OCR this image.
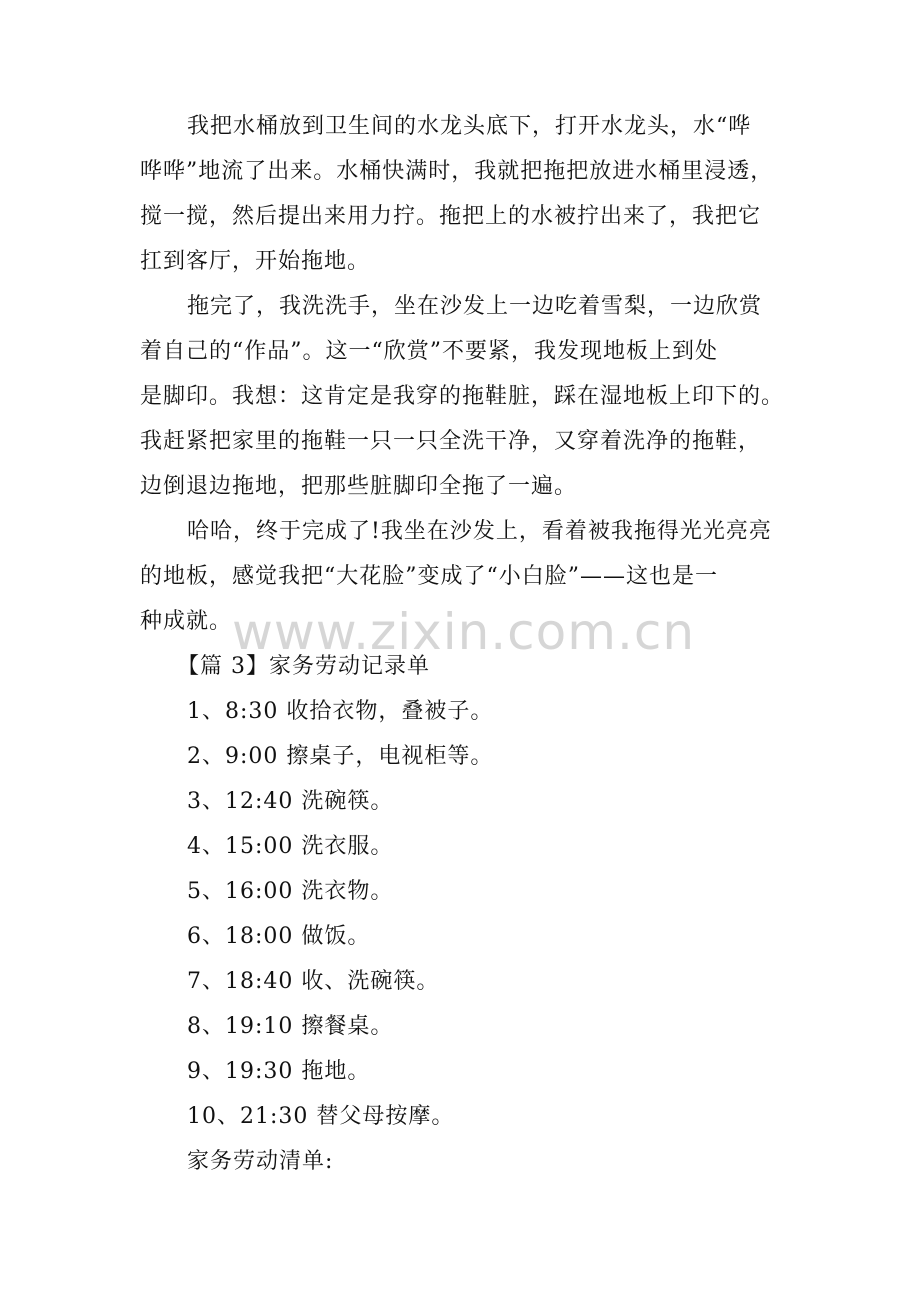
我把水桶放到卫生间的水龙头底下，打开水龙头，水“哗
哗哗”地流了出来。水桶快满时，我就把拖把放进水桶里浸透，
搅一搅，然后提出来用力拧。拖把上的水被拧出来了，我把它
扛到客厅，开始拖地。
拖完了，我洗洗手，坐在沙发上一边吃着雪梨，一边欣赏
着自己的“作品”。这一“欣赏”不要紧，我发现地板上到处
是脚印。我想：这肯定是我穿的拖鞋脏，踩在湿地板上印下的。
我赶紧把家里的拖鞋一只一只全洗干净，又穿着洗净的拖鞋，
边倒退边拖地，把那些脏脚印全拖了一遍。
哈哈，终于完成了!我坐在沙发上，看着被我拖得光光亮亮
的地板，感觉我把“大花脸”变成了“小白脸”——这也是一
种成就。 www.zixin.com.cn
【篇 3】家务劳动记录单
1、8:30 收拾衣物，叠被子。
2、9:00 擦桌子，电视柜等。
3、12:40 洗碗筷。
4、15:00 洗衣服。
5、16:00 洗衣物。
6、18:00 做饭。
7、18:40 收、洗碗筷。
8、19:10 擦餐桌。
9、19:30 拖地。
10、21:30 替父母按摩。
家务劳动清单:
